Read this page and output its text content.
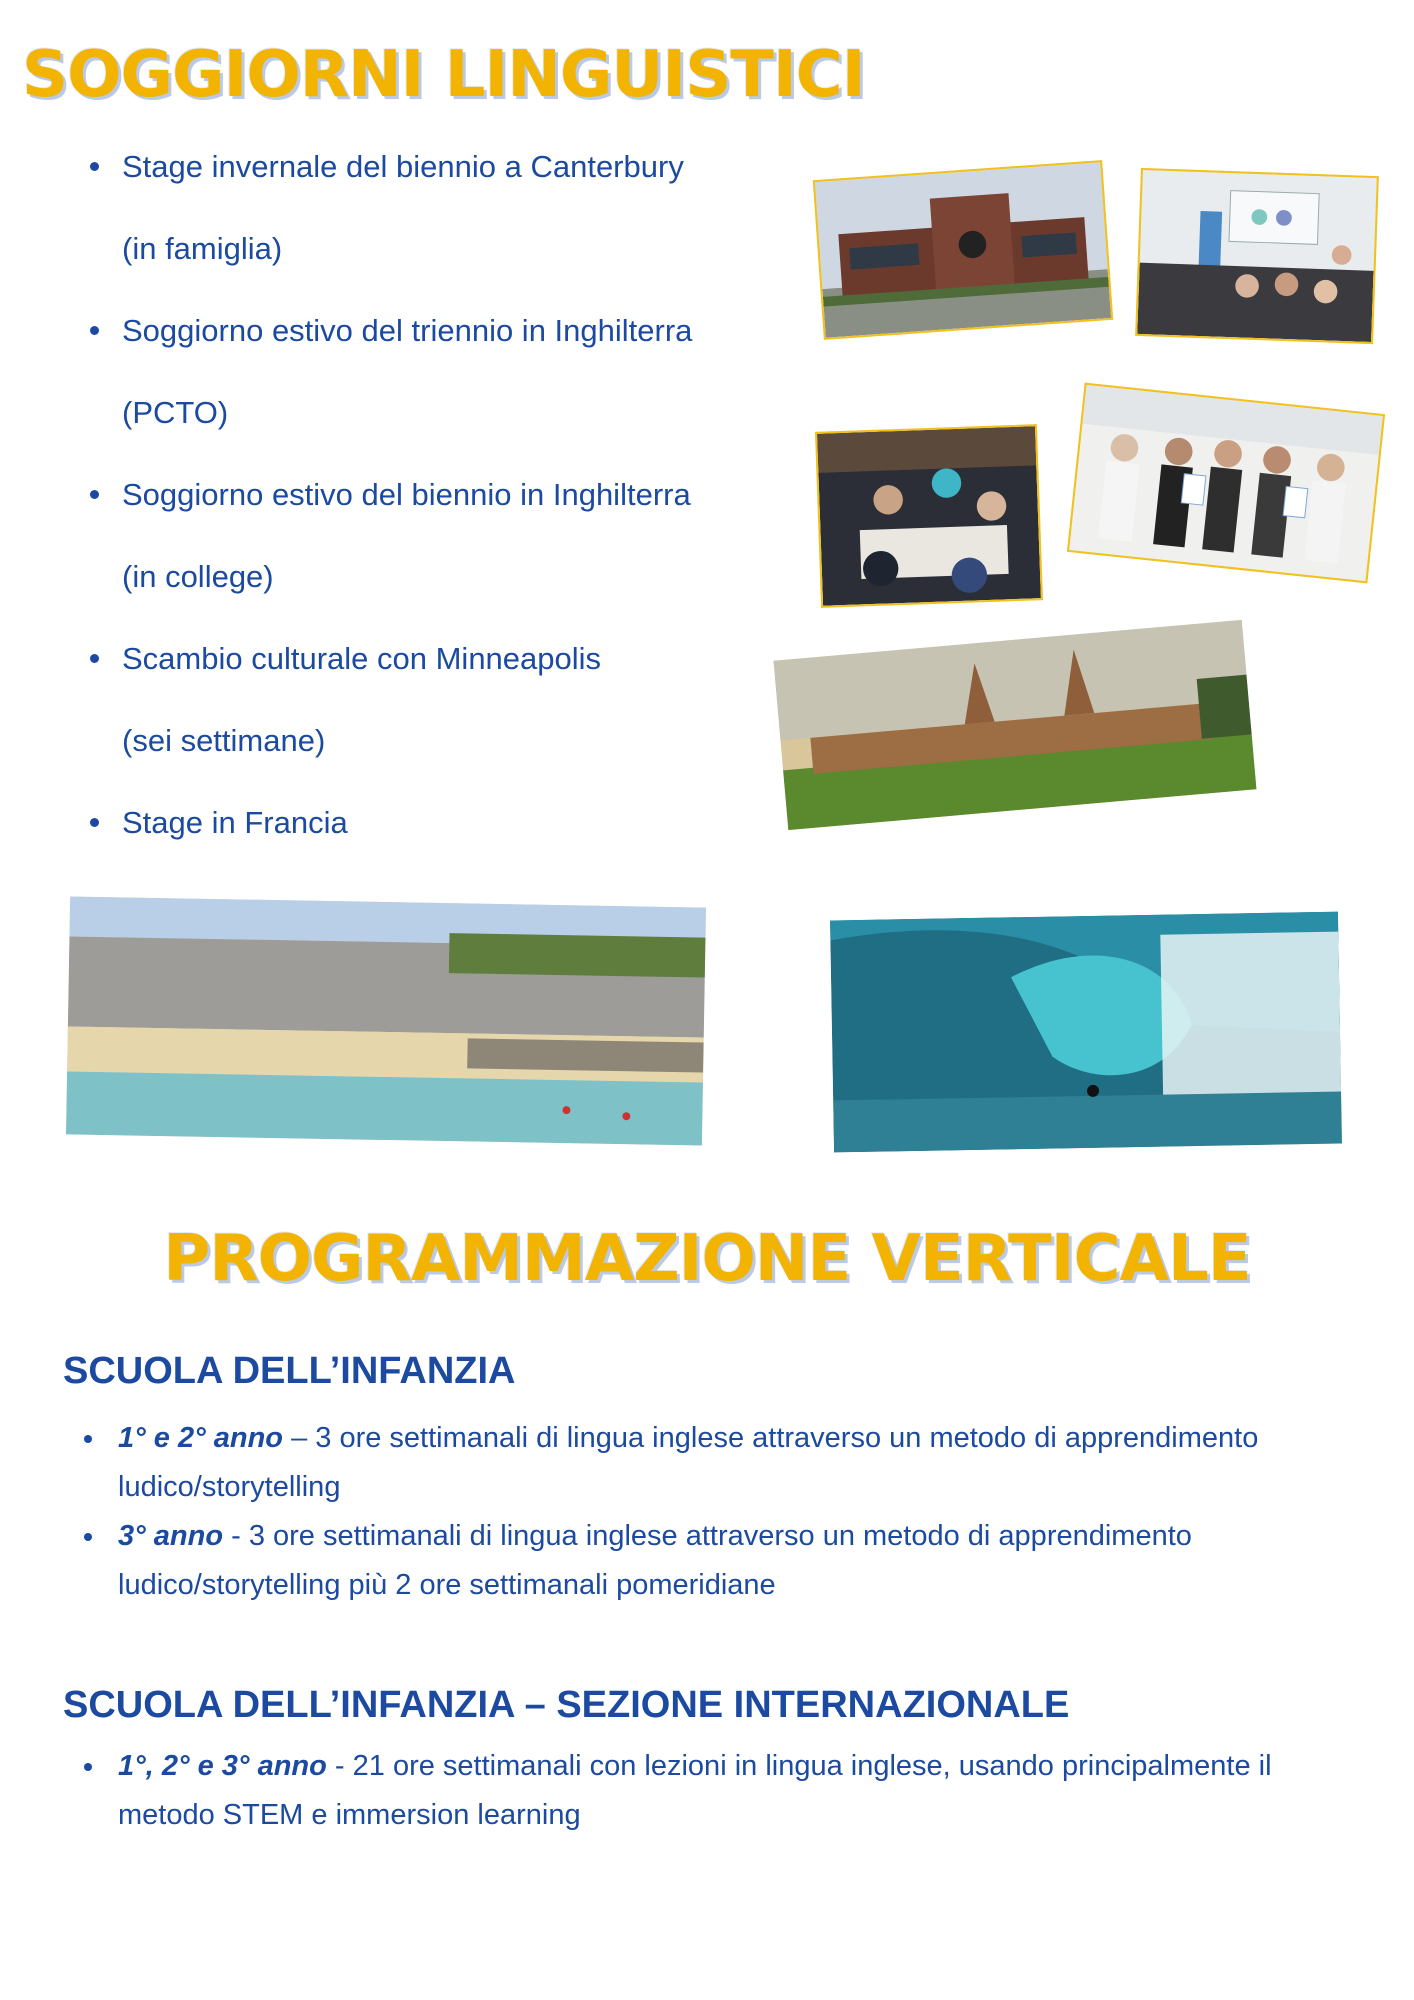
SOGGIORNI LINGUISTICI
Stage invernale del biennio a Canterbury
(in famiglia)
Soggiorno estivo del triennio in Inghilterra
(PCTO)
Soggiorno estivo del biennio in Inghilterra
(in college)
Scambio culturale con Minneapolis
(sei settimane)
Stage in Francia
PROGRAMMAZIONE VERTICALE
SCUOLA DELL’INFANZIA
1° e 2° anno – 3 ore settimanali di lingua inglese attraverso un metodo di apprendimento ludico/storytelling
3° anno - 3 ore settimanali di lingua inglese attraverso un metodo di apprendimento ludico/storytelling più 2 ore settimanali pomeridiane
SCUOLA DELL’INFANZIA – SEZIONE INTERNAZIONALE
1°, 2° e 3° anno - 21 ore settimanali con lezioni in lingua inglese, usando principalmente il metodo STEM e immersion learning
